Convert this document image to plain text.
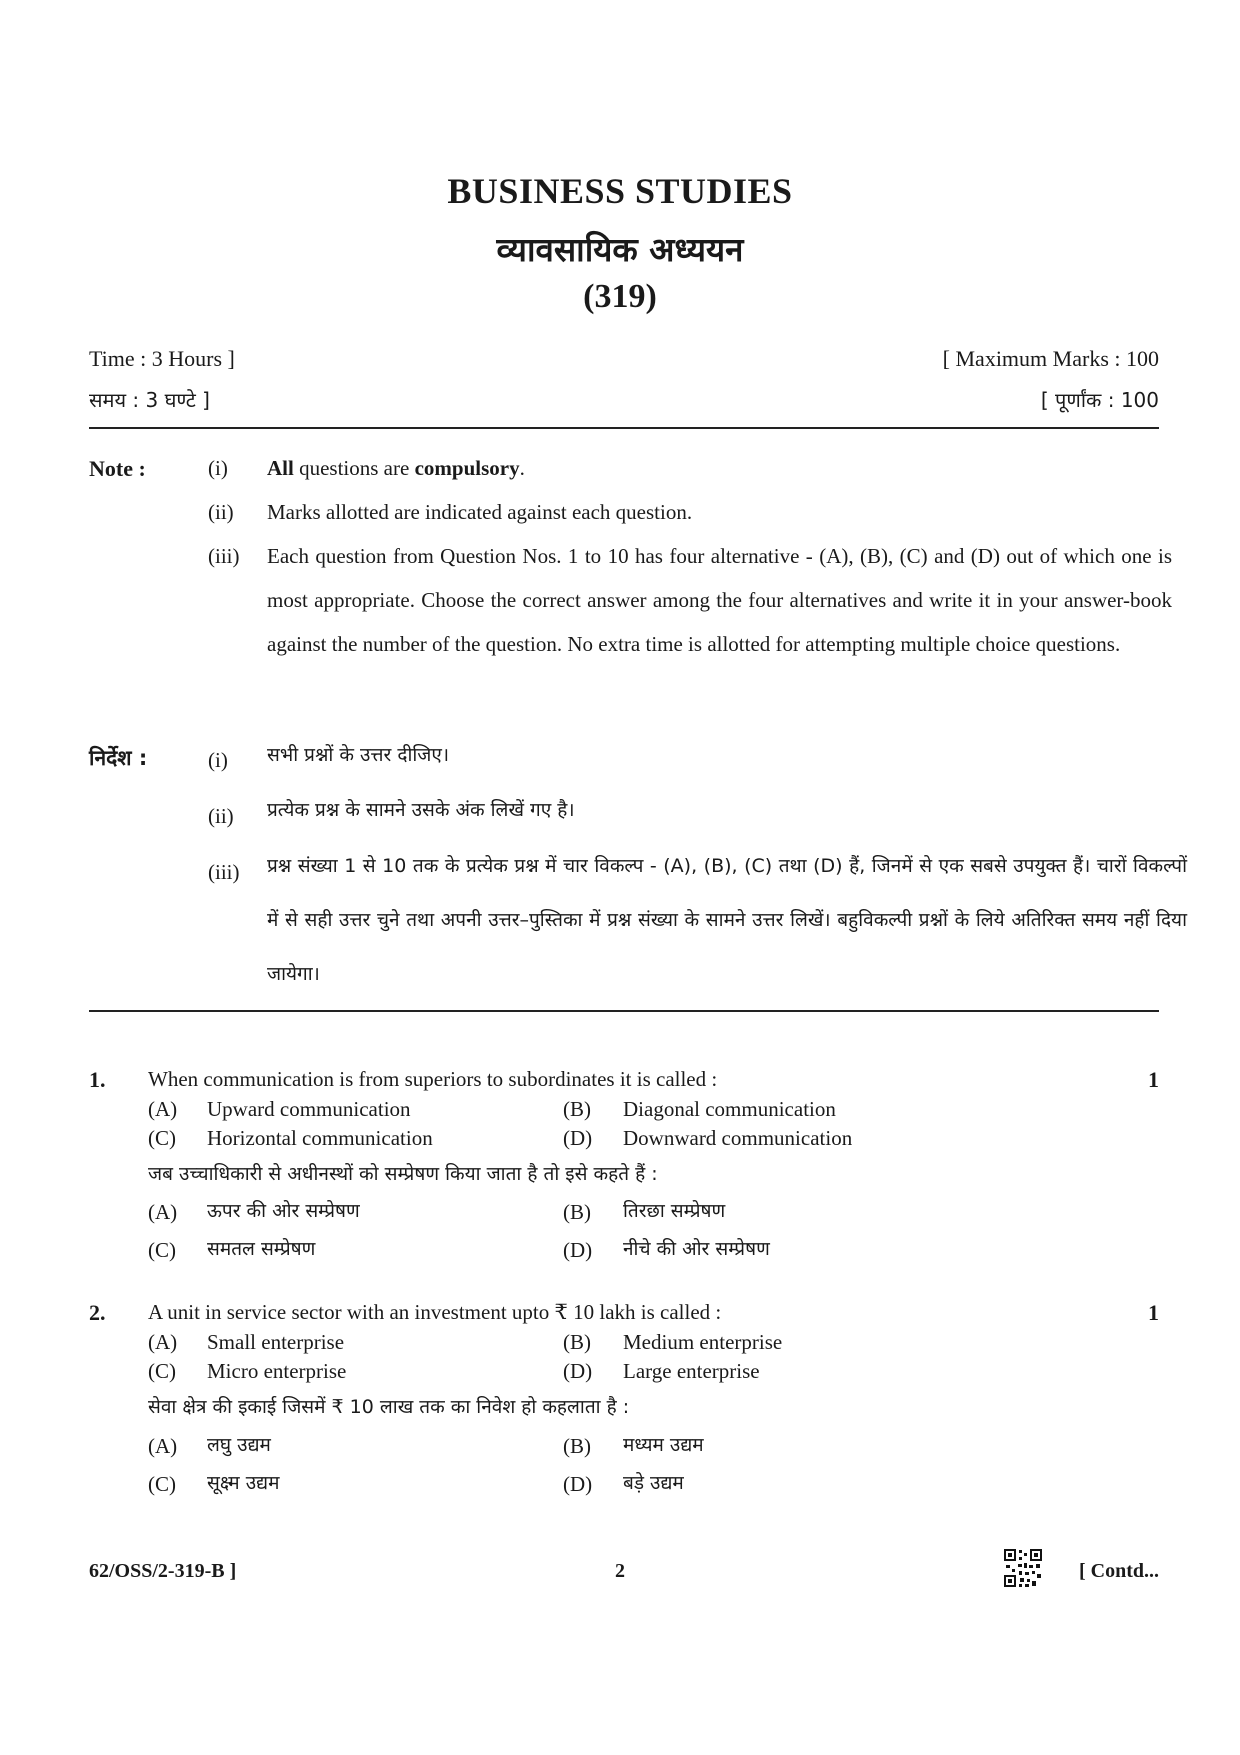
BUSINESS STUDIES
व्यावसायिक अध्ययन
(319)
Time : 3 Hours ]	[ Maximum Marks : 100
समय : 3 घण्टे ]	[ पूर्णांक : 100
Note :	(i)	All questions are compulsory.
(ii)	Marks allotted are indicated against each question.
(iii)	Each question from Question Nos. 1 to 10 has four alternative - (A), (B), (C) and (D) out of which one is most appropriate. Choose the correct answer among the four alternatives and write it in your answer-book against the number of the question. No extra time is allotted for attempting multiple choice questions.
निर्देश :	(i)	सभी प्रश्नों के उत्तर दीजिए।
(ii)	प्रत्येक प्रश्न के सामने उसके अंक लिखें गए है।
(iii)	प्रश्न संख्या 1 से 10 तक के प्रत्येक प्रश्न में चार विकल्प - (A), (B), (C) तथा (D) हैं, जिनमें से एक सबसे उपयुक्त हैं। चारों विकल्पों में से सही उत्तर चुने तथा अपनी उत्तर–पुस्तिका में प्रश्न संख्या के सामने उत्तर लिखें। बहुविकल्पी प्रश्नों के लिये अतिरिक्त समय नहीं दिया जायेगा।
1. When communication is from superiors to subordinates it is called :	1
(A) Upward communication	(B) Diagonal communication
(C) Horizontal communication	(D) Downward communication
जब उच्चाधिकारी से अधीनस्थों को सम्प्रेषण किया जाता है तो इसे कहते हैं :
(A) ऊपर की ओर सम्प्रेषण	(B) तिरछा सम्प्रेषण
(C) समतल सम्प्रेषण	(D) नीचे की ओर सम्प्रेषण
2. A unit in service sector with an investment upto ₹ 10 lakh is called :	1
(A) Small enterprise	(B) Medium enterprise
(C) Micro enterprise	(D) Large enterprise
सेवा क्षेत्र की इकाई जिसमें ₹ 10 लाख तक का निवेश हो कहलाता है :
(A) लघु उद्यम	(B) मध्यम उद्यम
(C) सूक्ष्म उद्यम	(D) बड़े उद्यम
62/OSS/2-319-B ]	2	[ Contd...
